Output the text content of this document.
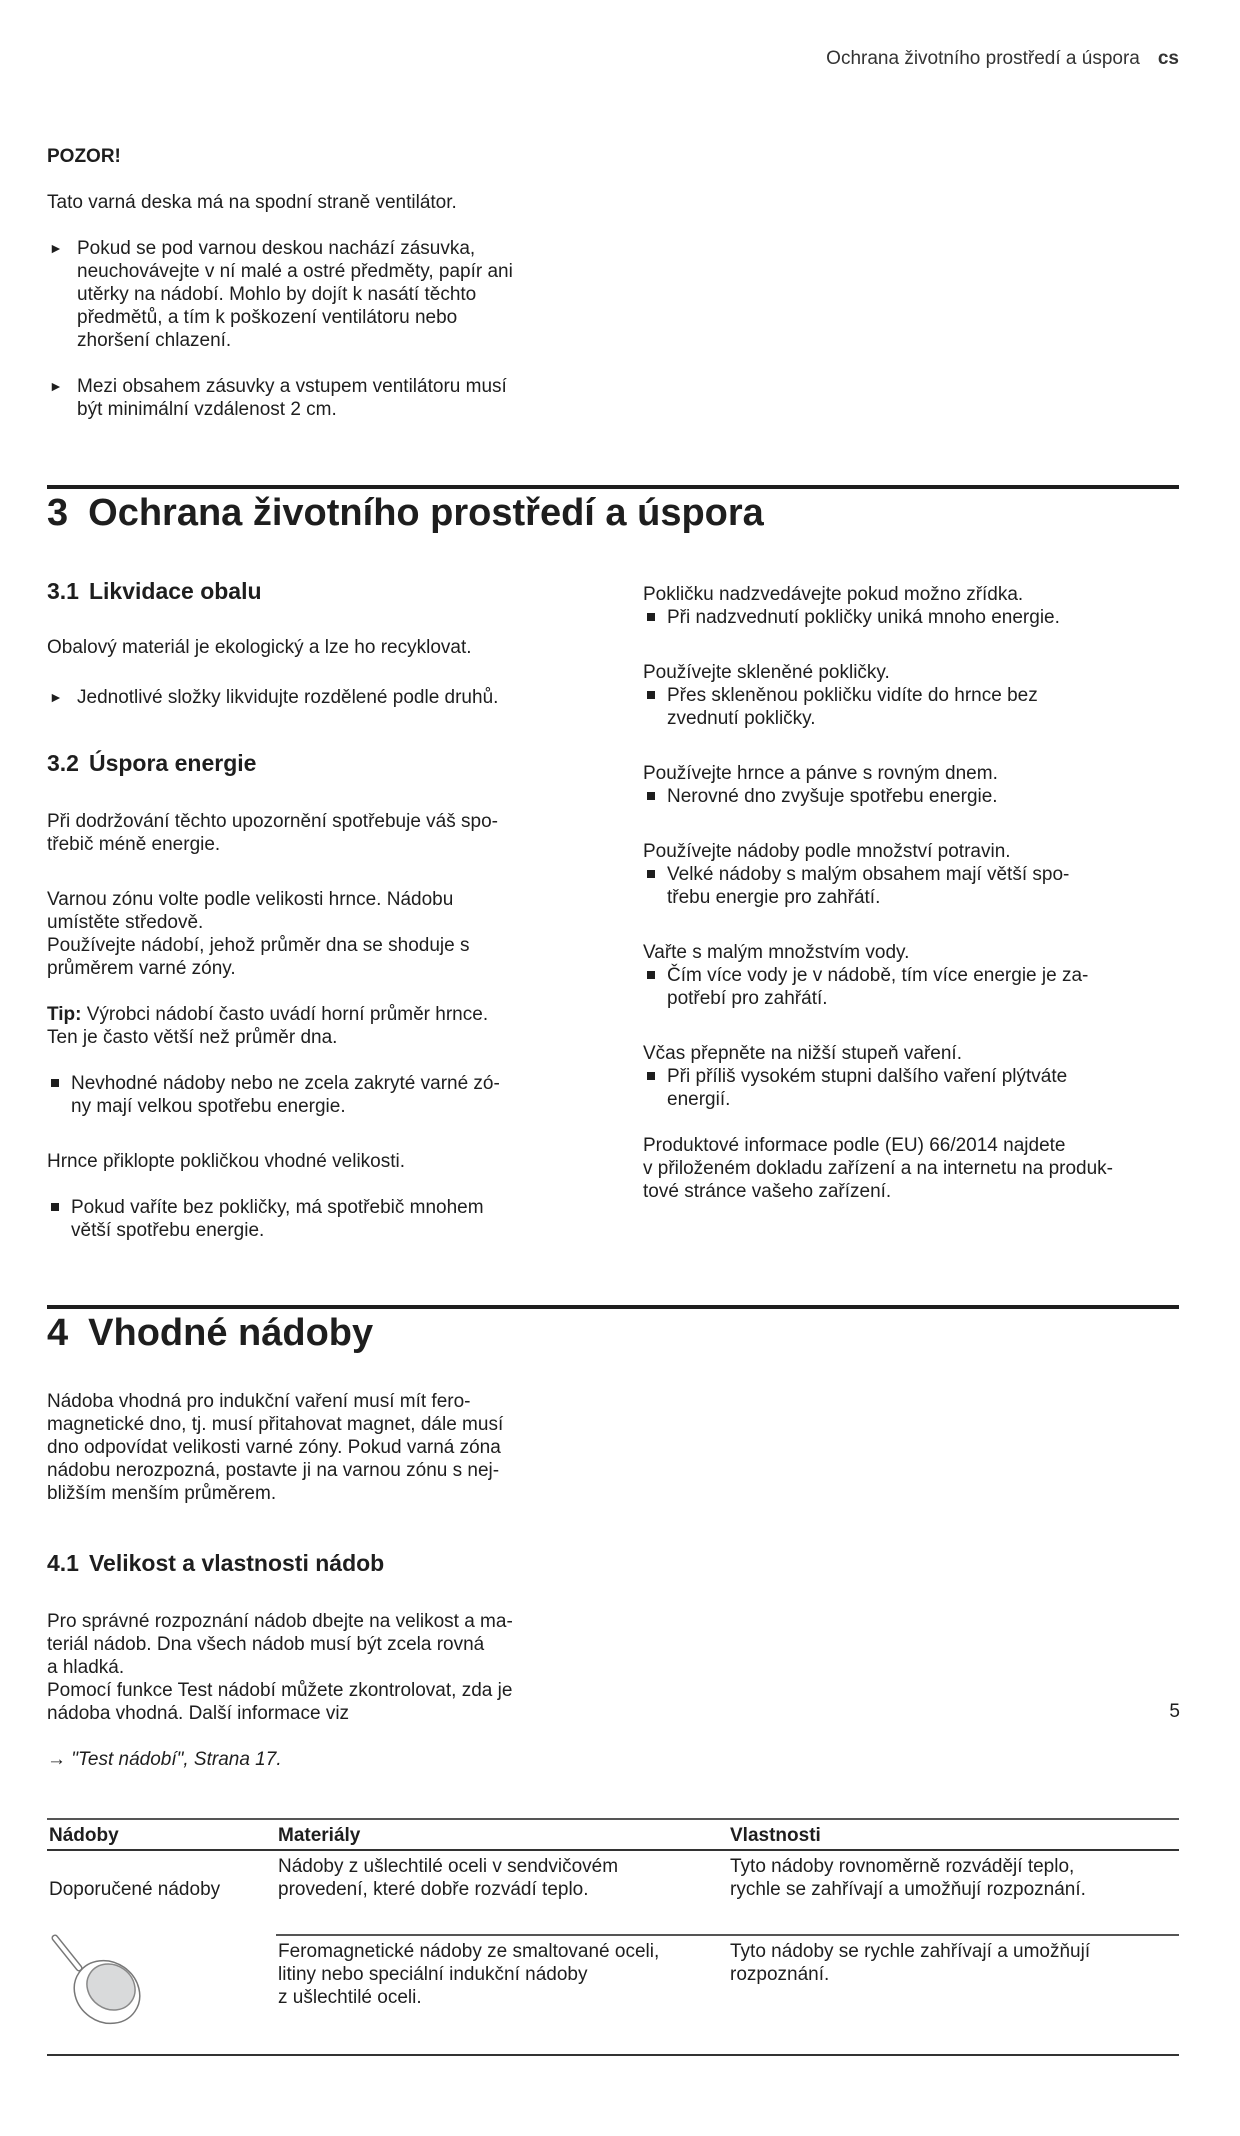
Ochrana životního prostředí a úspora cs

POZOR!

Tato varná deska má na spodní straně ventilátor.

► Pokud se pod varnou deskou nachází zásuvka,
neuchovávejte v ní malé a ostré předměty, papír ani
utěrky na nádobí. Mohlo by dojít k nasátí těchto
předmětů, a tím k poškození ventilátoru nebo
zhoršení chlazení.

► Mezi obsahem zásuvky a vstupem ventilátoru musí
být minimální vzdálenost 2 cm.

3 Ochrana životního prostředí a úspora

3.1 Likvidace obalu

Obalový materiál je ekologický a lze ho recyklovat.

► Jednotlivé složky likvidujte rozdělené podle druhů.

3.2 Úspora energie

Při dodržování těchto upozornění spotřebuje váš spo-
třebič méně energie.

Varnou zónu volte podle velikosti hrnce. Nádobu
umístěte středově.
Používejte nádobí, jehož průměr dna se shoduje s
průměrem varné zóny.

Tip: Výrobci nádobí často uvádí horní průměr hrnce.
Ten je často větší než průměr dna.

Nevhodné nádoby nebo ne zcela zakryté varné zó-
ny mají velkou spotřebu energie.

Hrnce přiklopte pokličkou vhodné velikosti.

Pokud vaříte bez pokličky, má spotřebič mnohem
větší spotřebu energie.

Pokličku nadzvedávejte pokud možno zřídka.
Při nadzvednutí pokličky uniká mnoho energie.

Používejte skleněné pokličky.
Přes skleněnou pokličku vidíte do hrnce bez
zvednutí pokličky.

Používejte hrnce a pánve s rovným dnem.
Nerovné dno zvyšuje spotřebu energie.

Používejte nádoby podle množství potravin.
Velké nádoby s malým obsahem mají větší spo-
třebu energie pro zahřátí.

Vařte s malým množstvím vody.
Čím více vody je v nádobě, tím více energie je za-
potřebí pro zahřátí.

Včas přepněte na nižší stupeň vaření.
Při příliš vysokém stupni dalšího vaření plýtváte
energií.

Produktové informace podle (EU) 66/2014 najdete
v přiloženém dokladu zařízení a na internetu na produk-
tové stránce vašeho zařízení.

4 Vhodné nádoby

Nádoba vhodná pro indukční vaření musí mít fero-
magnetické dno, tj. musí přitahovat magnet, dále musí
dno odpovídat velikosti varné zóny. Pokud varná zóna
nádobu nerozpozná, postavte ji na varnou zónu s nej-
bližším menším průměrem.

4.1 Velikost a vlastnosti nádob

Pro správné rozpoznání nádob dbejte na velikost a ma-
teriál nádob. Dna všech nádob musí být zcela rovná
a hladká.
Pomocí funkce Test nádobí můžete zkontrolovat, zda je
nádoba vhodná. Další informace viz

→ "Test nádobí", Strana 17.

Nádoby	Materiály	Vlastnosti

Doporučené nádoby	Nádoby z ušlechtilé oceli v sendvičovém
provedení, které dobře rozvádí teplo.	Tyto nádoby rovnoměrně rozvádějí teplo,
rychle se zahřívají a umožňují rozpoznání.
	Feromagnetické nádoby ze smaltované oceli,
litiny nebo speciální indukční nádoby
z ušlechtilé oceli.	Tyto nádoby se rychle zahřívají a umožňují
rozpoznání.
5
